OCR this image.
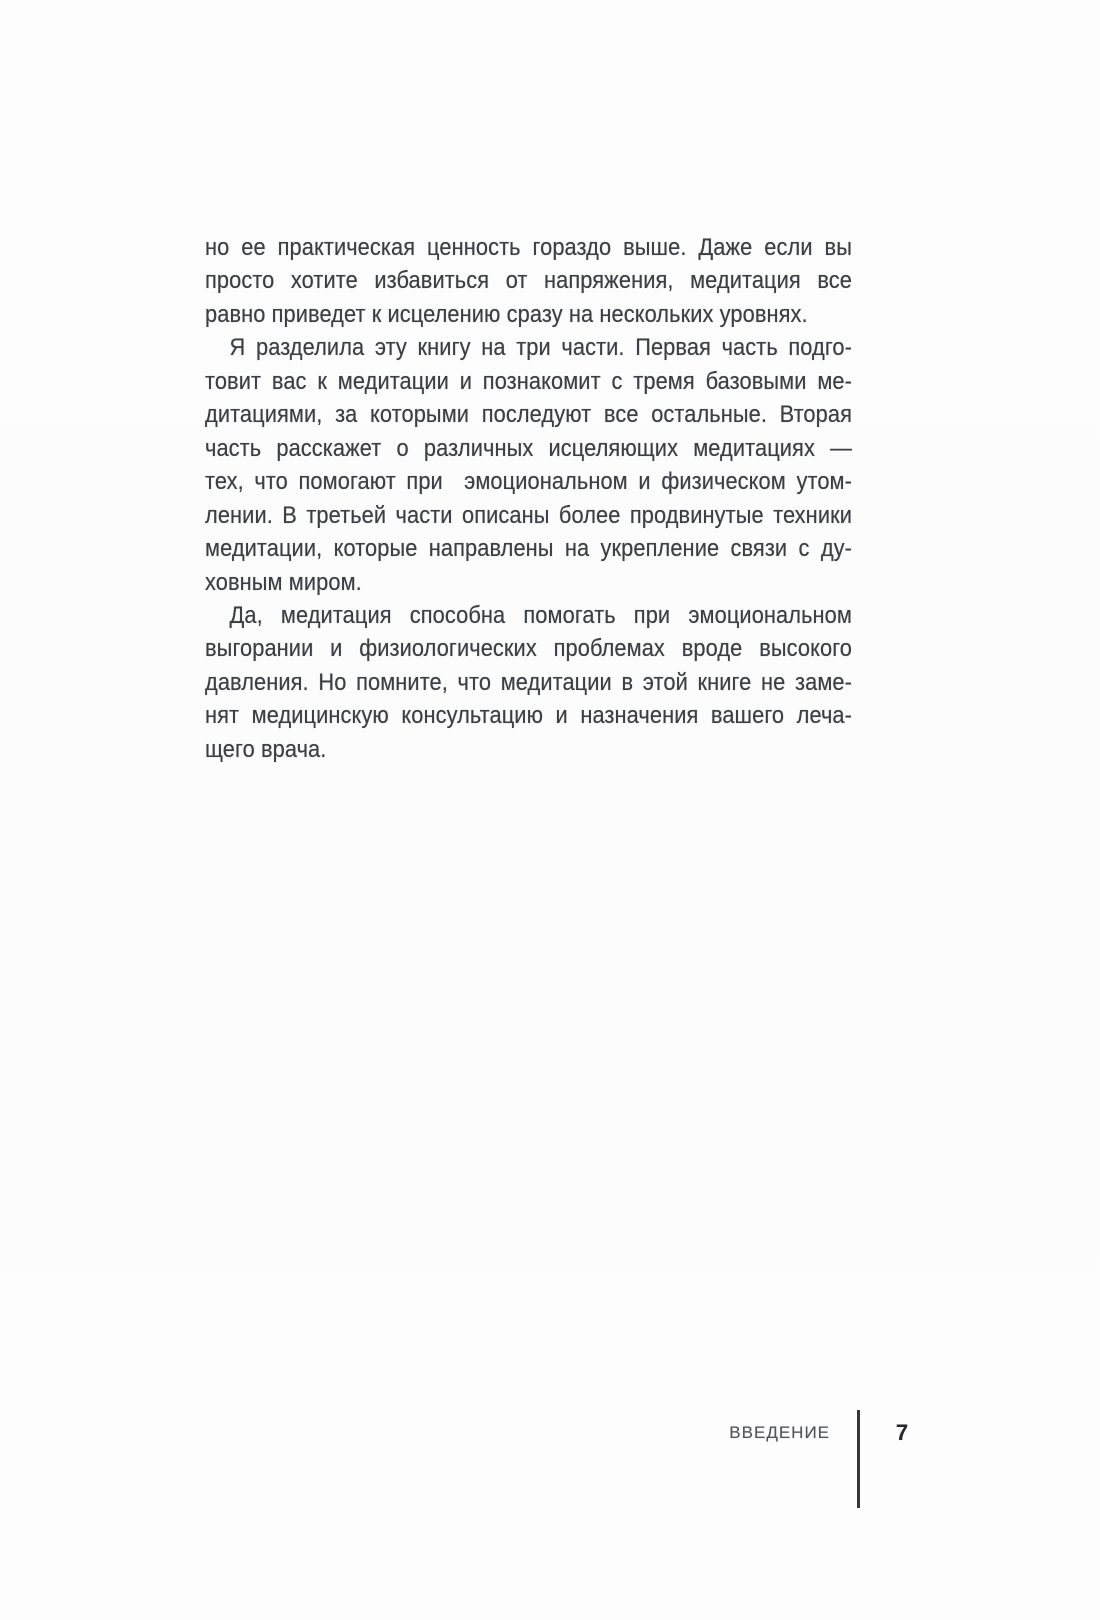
но ее практическая ценность гораздо выше. Даже если вы
просто хотите избавиться от напряжения, медитация все
равно приведет к исцелению сразу на нескольких уровнях.
Я разделила эту книгу на три части. Первая часть подго-
товит вас к медитации и познакомит с тремя базовыми ме-
дитациями, за которыми последуют все остальные. Вторая
часть расскажет о различных исцеляющих медитациях —
тех, что помогают при  эмоциональном и физическом утом-
лении. В третьей части описаны более продвинутые техники
медитации, которые направлены на укрепление связи с ду-
ховным миром.
Да, медитация способна помогать при эмоциональном
выгорании и физиологических проблемах вроде высокого
давления. Но помните, что медитации в этой книге не заме-
нят медицинскую консультацию и назначения вашего леча-
щего врача.
ВВЕДЕНИЕ	7
